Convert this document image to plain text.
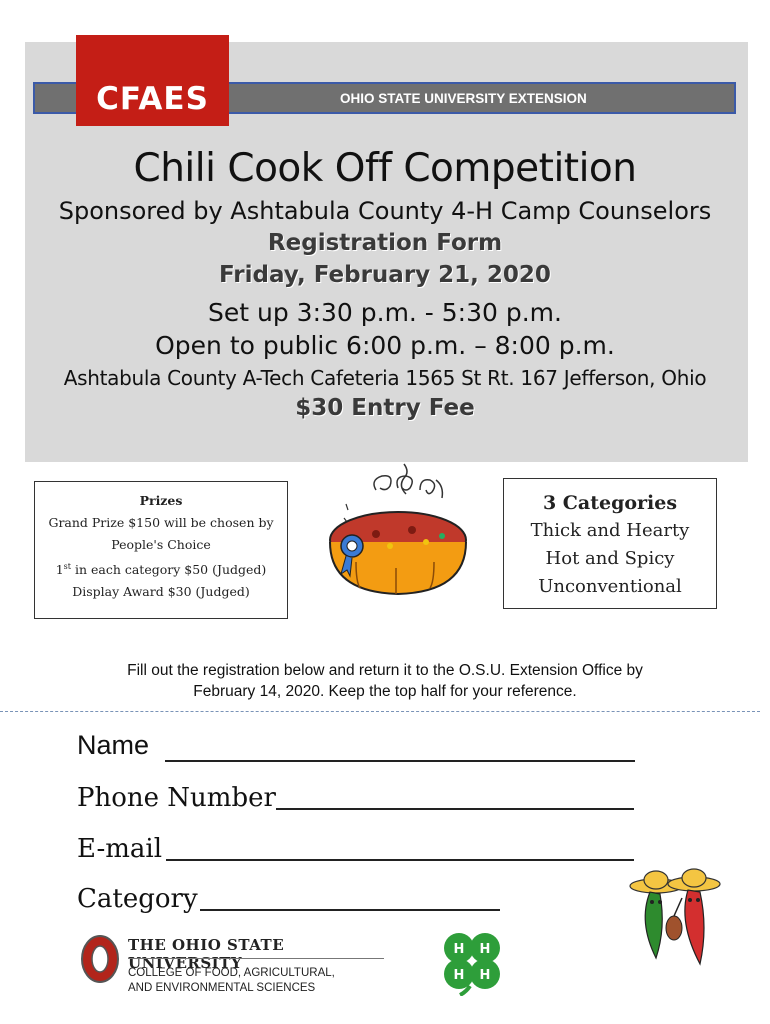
CFAES	OHIO STATE UNIVERSITY EXTENSION
Chili Cook Off Competition
Sponsored by Ashtabula County 4-H Camp Counselors
Registration Form
Friday, February 21, 2020
Set up 3:30 p.m. - 5:30 p.m.
Open to public 6:00 p.m. – 8:00 p.m.
Ashtabula County A-Tech Cafeteria 1565 St Rt. 167 Jefferson, Ohio
$30 Entry Fee
Prizes
Grand Prize $150 will be chosen by
People's Choice
1st in each category $50 (Judged)
Display Award $30 (Judged)
3 Categories
Thick and Hearty
Hot and Spicy
Unconventional
Fill out the registration below and return it to the O.S.U. Extension Office by
February 14, 2020. Keep the top half for your reference.
Name
Phone Number
E-mail
Category
THE OHIO STATE UNIVERSITY
COLLEGE OF FOOD, AGRICULTURAL,
AND ENVIRONMENTAL SCIENCES
H H
H H
